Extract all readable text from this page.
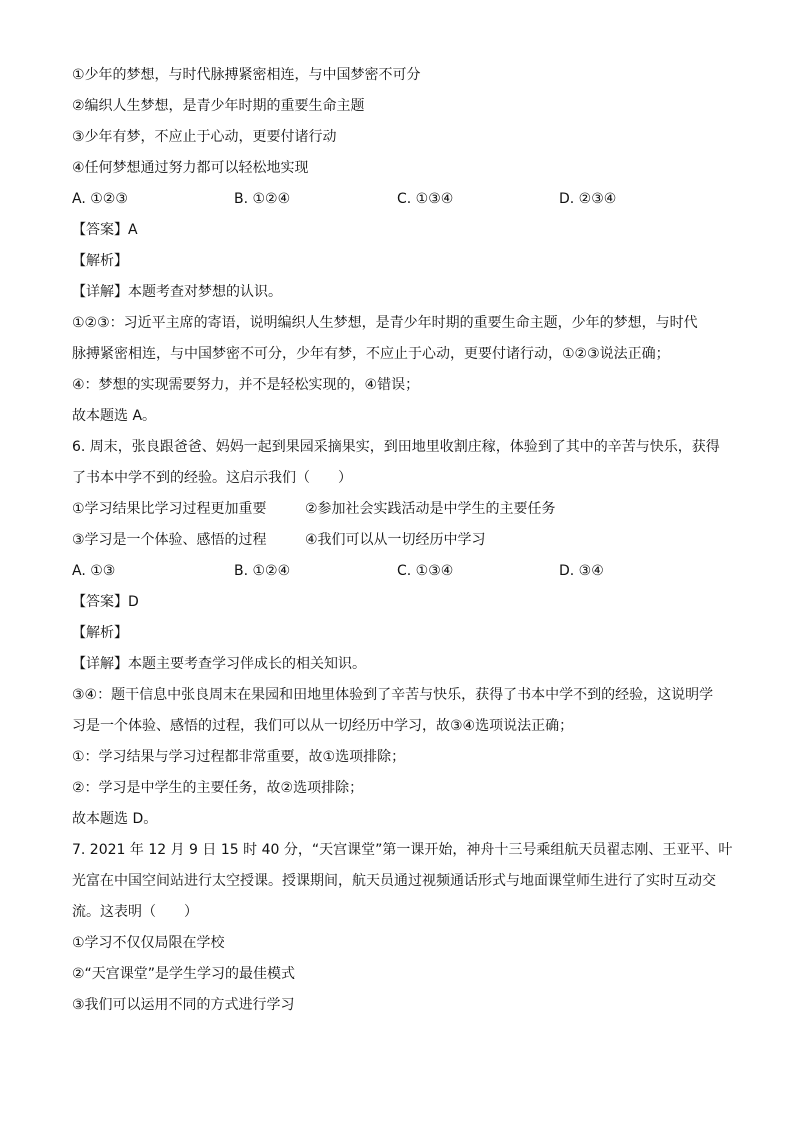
①少年的梦想，与时代脉搏紧密相连，与中国梦密不可分
②编织人生梦想，是青少年时期的重要生命主题
③少年有梦，不应止于心动，更要付诸行动
④任何梦想通过努力都可以轻松地实现
A. ①②③	B. ①②④	C. ①③④	D. ②③④
【答案】A
【解析】
【详解】本题考查对梦想的认识。
①②③：习近平主席的寄语，说明编织人生梦想，是青少年时期的重要生命主题，少年的梦想，与时代
脉搏紧密相连，与中国梦密不可分，少年有梦，不应止于心动，更要付诸行动，①②③说法正确；
④：梦想的实现需要努力，并不是轻松实现的，④错误；
故本题选 A。
6. 周末，张良跟爸爸、妈妈一起到果园采摘果实，到田地里收割庄稼，体验到了其中的辛苦与快乐，获得
了书本中学不到的经验。这启示我们（　　）
①学习结果比学习过程更加重要	②参加社会实践活动是中学生的主要任务
③学习是一个体验、感悟的过程	④我们可以从一切经历中学习
A. ①③	B. ①②④	C. ①③④	D. ③④
【答案】D
【解析】
【详解】本题主要考查学习伴成长的相关知识。
③④：题干信息中张良周末在果园和田地里体验到了辛苦与快乐，获得了书本中学不到的经验，这说明学
习是一个体验、感悟的过程，我们可以从一切经历中学习，故③④选项说法正确；
①：学习结果与学习过程都非常重要，故①选项排除；
②：学习是中学生的主要任务，故②选项排除；
故本题选 D。
7. 2021 年 12 月 9 日 15 时 40 分，“天宫课堂”第一课开始，神舟十三号乘组航天员翟志刚、王亚平、叶
光富在中国空间站进行太空授课。授课期间，航天员通过视频通话形式与地面课堂师生进行了实时互动交
流。这表明（　　）
①学习不仅仅局限在学校
②“天宫课堂”是学生学习的最佳模式
③我们可以运用不同的方式进行学习
